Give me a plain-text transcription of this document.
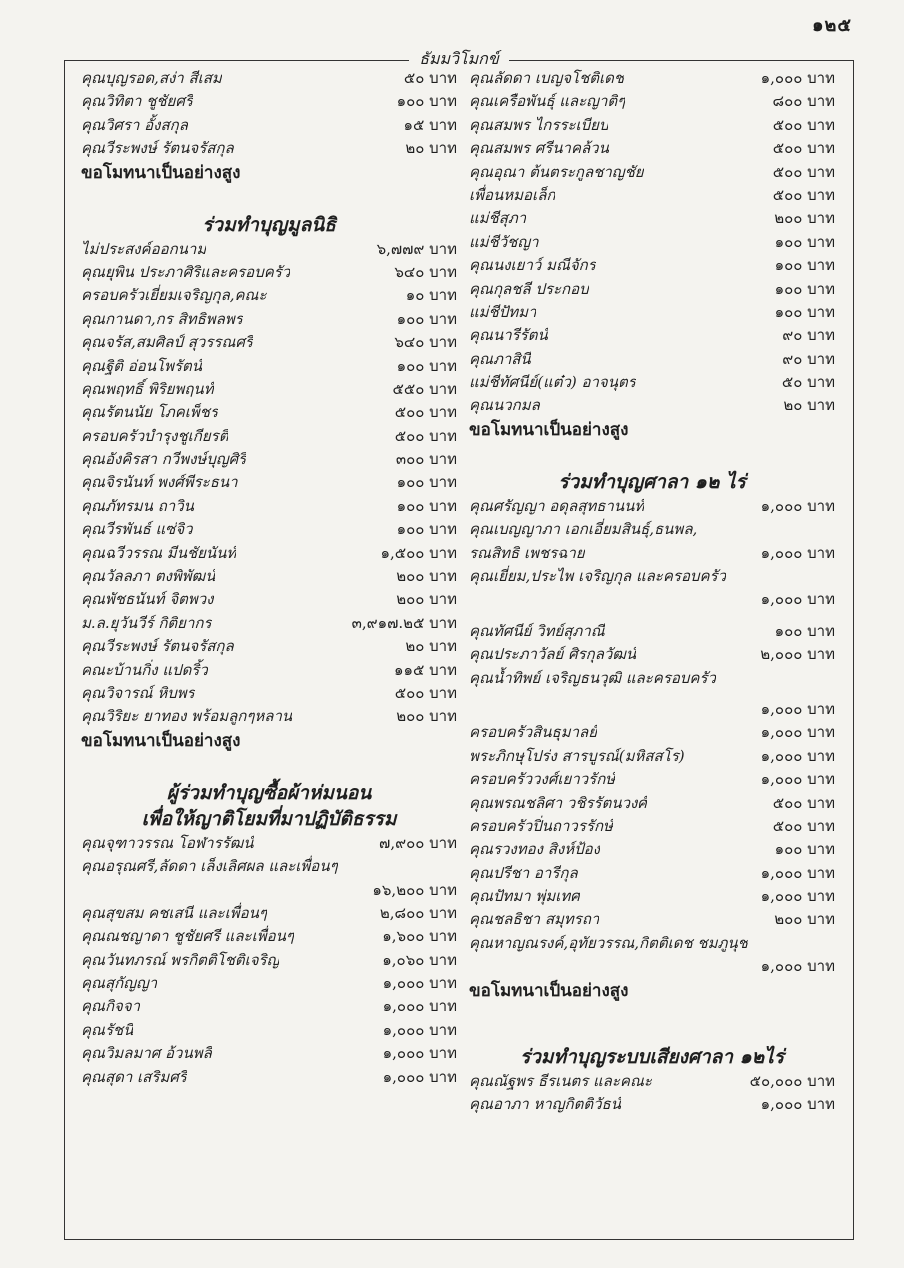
๑๒๕
ธัมมวิโมกข์
คุณบุญรอด,สง่า สีเสม	๕๐ บาท
คุณวิทิตา ชูชัยศรี	๑๐๐ บาท
คุณวิศรา อั้งสกุล	๑๕ บาท
คุณวีระพงษ์ รัตนจรัสกุล	๒๐ บาท
ขอโมทนาเป็นอย่างสูง
ร่วมทำบุญมูลนิธิ
ไม่ประสงค์ออกนาม	๖,๗๗๙ บาท
คุณยุพิน ประภาศิริและครอบครัว	๖๔๐ บาท
ครอบครัวเยี่ยมเจริญกุล,คณะ	๑๐ บาท
คุณกานดา,กร สิทธิพลพร	๑๐๐ บาท
คุณจรัส,สมศิลป์ สุวรรณศรี	๖๔๐ บาท
คุณฐิติ อ่อนโพรัตน์	๑๐๐ บาท
คุณพฤทธิ์ พิริยพฤนท์	๕๕๐ บาท
คุณรัตนนัย โภคเพ็ชร	๕๐๐ บาท
ครอบครัวบำรุงชูเกียรติ	๕๐๐ บาท
คุณอังคิรสา กวีพงษ์บุญศิริ	๓๐๐ บาท
คุณจิรนันท์ พงศ์พีระธนา	๑๐๐ บาท
คุณภัทรมน ถาวิน	๑๐๐ บาท
คุณวีรพันธ์ แซ่จิว	๑๐๐ บาท
คุณฉวีวรรณ มีนชัยนันท์	๑,๕๐๐ บาท
คุณวัลลภา ตงพิพัฒน์	๒๐๐ บาท
คุณพัชธนันท์ จิตพวง	๒๐๐ บาท
ม.ล.ยุวันวีร์ กิติยากร	๓,๙๑๗.๒๕ บาท
คุณวีระพงษ์ รัตนจรัสกุล	๒๐ บาท
คณะบ้านกิ่ง แปดริ้ว	๑๑๕ บาท
คุณวิจารณ์ หิบพร	๕๐๐ บาท
คุณวิริยะ ยาทอง พร้อมลูกๆหลาน	๒๐๐ บาท
ขอโมทนาเป็นอย่างสูง
ผู้ร่วมทำบุญซื้อผ้าห่มนอน
เพื่อให้ญาติโยมที่มาปฏิบัติธรรม
คุณจุฑาวรรณ โอฬารรัฒน์	๗,๙๐๐ บาท
คุณอรุณศรี,ลัดดา เล็งเลิศผล และเพื่อนๆ
๑๖,๒๐๐ บาท
คุณสุขสม คชเสนี และเพื่อนๆ	๒,๘๐๐ บาท
คุณณชญาดา ชูชัยศรี และเพื่อนๆ	๑,๖๐๐ บาท
คุณวันทภรณ์ พรกิตติโชติเจริญ	๑,๐๖๐ บาท
คุณสุกัญญา	๑,๐๐๐ บาท
คุณกิจจา	๑,๐๐๐ บาท
คุณรัชนี	๑,๐๐๐ บาท
คุณวิมลมาศ อ้วนพลี	๑,๐๐๐ บาท
คุณสุดา เสริมศรี	๑,๐๐๐ บาท
คุณลัดดา เบญจโชติเดช	๑,๐๐๐ บาท
คุณเครือพันธุ์ และญาติๆ	๘๐๐ บาท
คุณสมพร ไกรระเบียบ	๕๐๐ บาท
คุณสมพร ศรีนาคล้วน	๕๐๐ บาท
คุณอุณา ต้นตระกูลชาญชัย	๕๐๐ บาท
เพื่อนหมอเล็ก	๕๐๐ บาท
แม่ชีสุภา	๒๐๐ บาท
แม่ชีวัชญา	๑๐๐ บาท
คุณนงเยาว์ มณีจักร	๑๐๐ บาท
คุณกุลชลี ประกอบ	๑๐๐ บาท
แม่ชีปัทมา	๑๐๐ บาท
คุณนารีรัตน์	๙๐ บาท
คุณภาสินี	๙๐ บาท
แม่ชีทัศนีย์(แต๋ว) อาจนุตร	๕๐ บาท
คุณนวกมล	๒๐ บาท
ขอโมทนาเป็นอย่างสูง
ร่วมทำบุญศาลา ๑๒ ไร่
คุณศรัญญา อดุลสุทธานนท์	๑,๐๐๐ บาท
คุณเบญญาภา เอกเอี่ยมสินธุ์,ธนพล,
รณสิทธิ เพชรฉาย	๑,๐๐๐ บาท
คุณเยี่ยม,ประไพ เจริญกุล และครอบครัว
๑,๐๐๐ บาท
คุณทัศนีย์ วิทย์สุภาณี	๑๐๐ บาท
คุณประภาวัลย์ ศิรกุลวัฒน์	๒,๐๐๐ บาท
คุณน้ำทิพย์ เจริญธนวุฒิ และครอบครัว
๑,๐๐๐ บาท
ครอบครัวสินธุมาลย์	๑,๐๐๐ บาท
พระภิกษุโปร่ง สารบูรณ์(มหิสสโร)	๑,๐๐๐ บาท
ครอบครัววงศ์เยาวรักษ์	๑,๐๐๐ บาท
คุณพรณชลิศา วชิรรัตนวงศ์	๕๐๐ บาท
ครอบครัวปิ่นถาวรรักษ์	๕๐๐ บาท
คุณรวงทอง สิงห์ป้อง	๑๐๐ บาท
คุณปรีชา อารีกุล	๑,๐๐๐ บาท
คุณปัทมา พุ่มเทศ	๑,๐๐๐ บาท
คุณชลธิชา สมุทรถา	๒๐๐ บาท
คุณหาญณรงค์,อุทัยวรรณ,กิตติเดช ชมภูนุช
๑,๐๐๐ บาท
ขอโมทนาเป็นอย่างสูง
ร่วมทำบุญระบบเสียงศาลา ๑๒ไร่
คุณณัฐพร ธีรเนตร และคณะ	๕๐,๐๐๐ บาท
คุณอาภา หาญกิตติวัธน์	๑,๐๐๐ บาท
